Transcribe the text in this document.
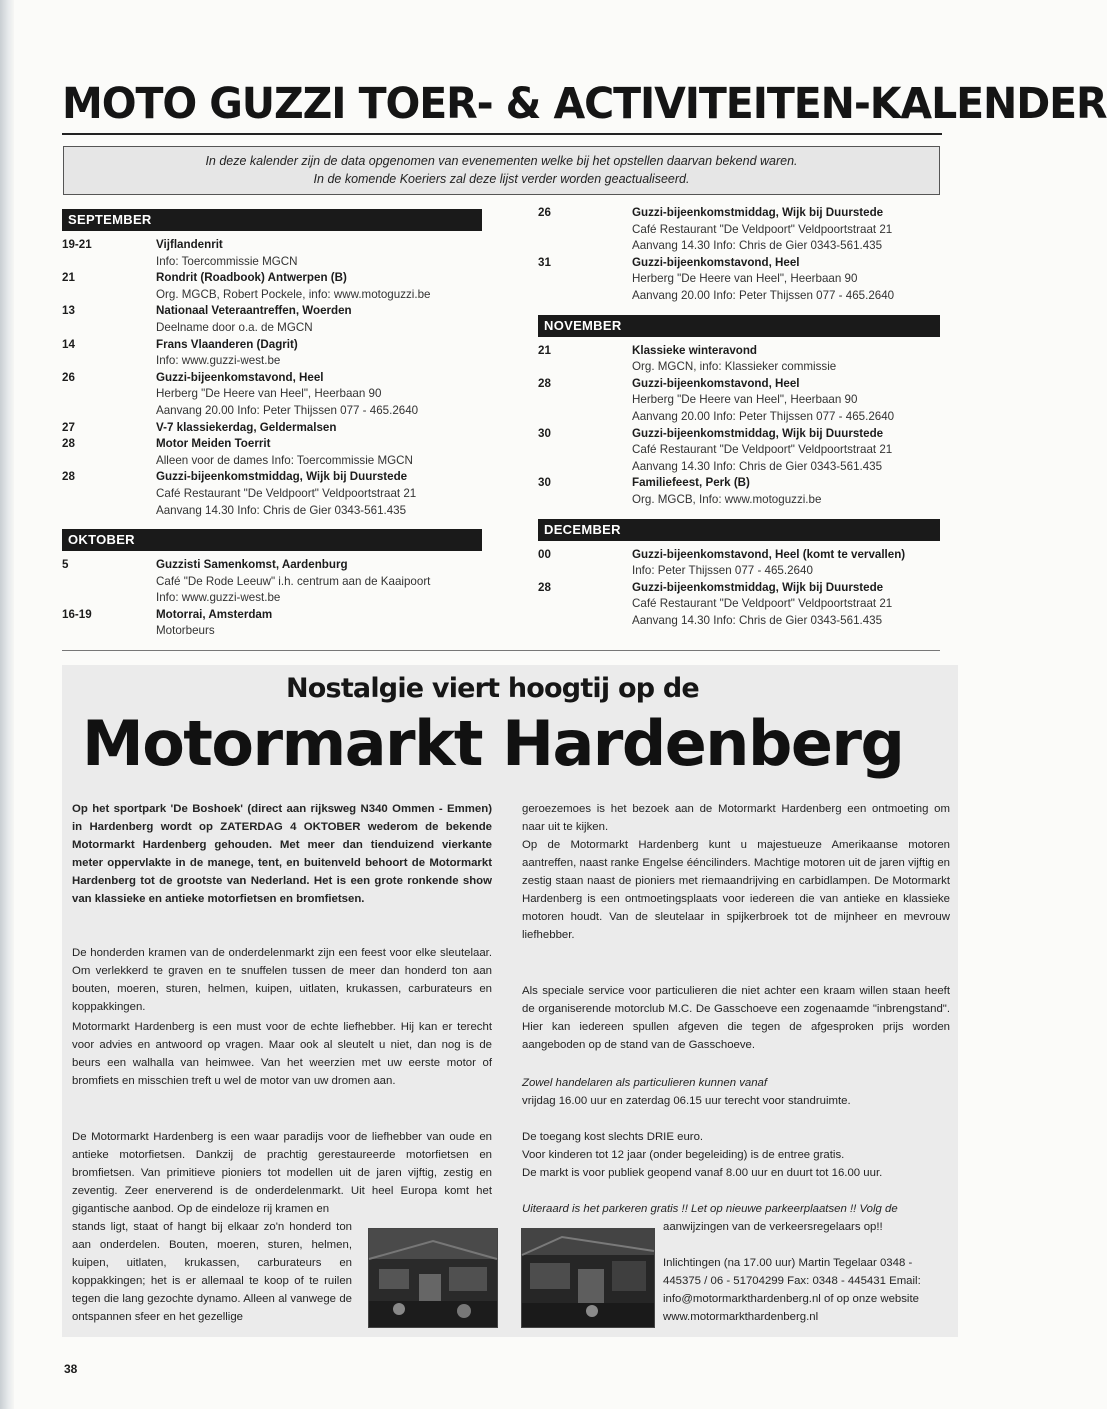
MOTO GUZZI TOER- & ACTIVITEITEN-KALENDER
In deze kalender zijn de data opgenomen van evenementen welke bij het opstellen daarvan bekend waren.
In de komende Koeriers zal deze lijst verder worden geactualiseerd.
SEPTEMBER
19-21	Vijflandenrit
Info: Toercommissie MGCN
21	Rondrit (Roadbook) Antwerpen (B)
Org. MGCB, Robert Pockele, info: www.motoguzzi.be
13	Nationaal Veteraantreffen, Woerden
Deelname door o.a. de MGCN
14	Frans Vlaanderen (Dagrit)
Info: www.guzzi-west.be
26	Guzzi-bijeenkomstavond, Heel
Herberg "De Heere van Heel", Heerbaan 90
Aanvang 20.00 Info: Peter Thijssen 077 - 465.2640
27	V-7 klassiekerdag, Geldermalsen
28	Motor Meiden Toerrit
Alleen voor de dames Info: Toercommissie MGCN
28	Guzzi-bijeenkomstmiddag, Wijk bij Duurstede
Café Restaurant "De Veldpoort" Veldpoortstraat 21
Aanvang 14.30 Info: Chris de Gier 0343-561.435
OKTOBER
5	Guzzisti Samenkomst, Aardenburg
Café "De Rode Leeuw" i.h. centrum aan de Kaaipoort
Info: www.guzzi-west.be
16-19	Motorrai, Amsterdam
Motorbeurs
26	Guzzi-bijeenkomstmiddag, Wijk bij Duurstede
Café Restaurant "De Veldpoort" Veldpoortstraat 21
Aanvang 14.30 Info: Chris de Gier 0343-561.435
31	Guzzi-bijeenkomstavond, Heel
Herberg "De Heere van Heel", Heerbaan 90
Aanvang 20.00 Info: Peter Thijssen 077 - 465.2640
NOVEMBER
21	Klassieke winteravond
Org. MGCN, info: Klassieker commissie
28	Guzzi-bijeenkomstavond, Heel
Herberg "De Heere van Heel", Heerbaan 90
Aanvang 20.00 Info: Peter Thijssen 077 - 465.2640
30	Guzzi-bijeenkomstmiddag, Wijk bij Duurstede
Café Restaurant "De Veldpoort" Veldpoortstraat 21
Aanvang 14.30 Info: Chris de Gier 0343-561.435
30	Familiefeest, Perk (B)
Org. MGCB, Info: www.motoguzzi.be
DECEMBER
00	Guzzi-bijeenkomstavond, Heel (komt te vervallen)
Info: Peter Thijssen 077 - 465.2640
28	Guzzi-bijeenkomstmiddag, Wijk bij Duurstede
Café Restaurant "De Veldpoort" Veldpoortstraat 21
Aanvang 14.30 Info: Chris de Gier 0343-561.435
Nostalgie viert hoogtij op de
Motormarkt Hardenberg
Op het sportpark 'De Boshoek' (direct aan rijksweg N340 Ommen - Emmen) in Hardenberg wordt op ZATERDAG 4 OKTOBER wederom de bekende Motormarkt Hardenberg gehouden. Met meer dan tienduizend vierkante meter oppervlakte in de manege, tent, en buitenveld behoort de Motormarkt Hardenberg tot de grootste van Nederland. Het is een grote ronkende show van klassieke en antieke motorfietsen en bromfietsen.
De honderden kramen van de onderdelenmarkt zijn een feest voor elke sleutelaar. Om verlekkerd te graven en te snuffelen tussen de meer dan honderd ton aan bouten, moeren, sturen, helmen, kuipen, uitlaten, krukassen, carburateurs en koppakkingen.
Motormarkt Hardenberg is een must voor de echte liefhebber. Hij kan er terecht voor advies en antwoord op vragen. Maar ook al sleutelt u niet, dan nog is de beurs een walhalla van heimwee. Van het weerzien met uw eerste motor of bromfiets en misschien treft u wel de motor van uw dromen aan.
De Motormarkt Hardenberg is een waar paradijs voor de liefhebber van oude en antieke motorfietsen. Dankzij de prachtig gerestaureerde motorfietsen en bromfietsen. Van primitieve pioniers tot modellen uit de jaren vijftig, zestig en zeventig. Zeer enerverend is de onderdelenmarkt. Uit heel Europa komt het gigantische aanbod. Op de eindeloze rij kramen en
stands ligt, staat of hangt bij elkaar zo'n honderd ton aan onderdelen. Bouten, moeren, sturen, helmen, kuipen, uitlaten, krukassen, carburateurs en koppakkingen; het is er allemaal te koop of te ruilen tegen die lang gezochte dynamo. Alleen al vanwege de ontspannen sfeer en het gezellige
geroezemoes is het bezoek aan de Motormarkt Hardenberg een ontmoeting om naar uit te kijken.
Op de Motormarkt Hardenberg kunt u majestueuze Amerikaanse motoren aantreffen, naast ranke Engelse ééncilinders. Machtige motoren uit de jaren vijftig en zestig staan naast de pioniers met riemaandrijving en carbidlampen. De Motormarkt Hardenberg is een ontmoetingsplaats voor iedereen die van antieke en klassieke motoren houdt. Van de sleutelaar in spijkerbroek tot de mijnheer en mevrouw liefhebber.
Als speciale service voor particulieren die niet achter een kraam willen staan heeft de organiserende motorclub M.C. De Gasschoeve een zogenaamde "inbrengstand". Hier kan iedereen spullen afgeven die tegen de afgesproken prijs worden aangeboden op de stand van de Gasschoeve.
Zowel handelaren als particulieren kunnen vanaf
vrijdag 16.00 uur en zaterdag 06.15 uur terecht voor standruimte.
De toegang kost slechts DRIE euro.
Voor kinderen tot 12 jaar (onder begeleiding) is de entree gratis.
De markt is voor publiek geopend vanaf 8.00 uur en duurt tot 16.00 uur.
Uiteraard is het parkeren gratis !! Let op nieuwe parkeerplaatsen !! Volg de
aanwijzingen van de verkeersregelaars op!!
Inlichtingen (na 17.00 uur) Martin Tegelaar 0348 - 445375 / 06 - 51704299 Fax: 0348 - 445431 Email: info@motormarkthardenberg.nl of op onze website www.motormarkthardenberg.nl
38
